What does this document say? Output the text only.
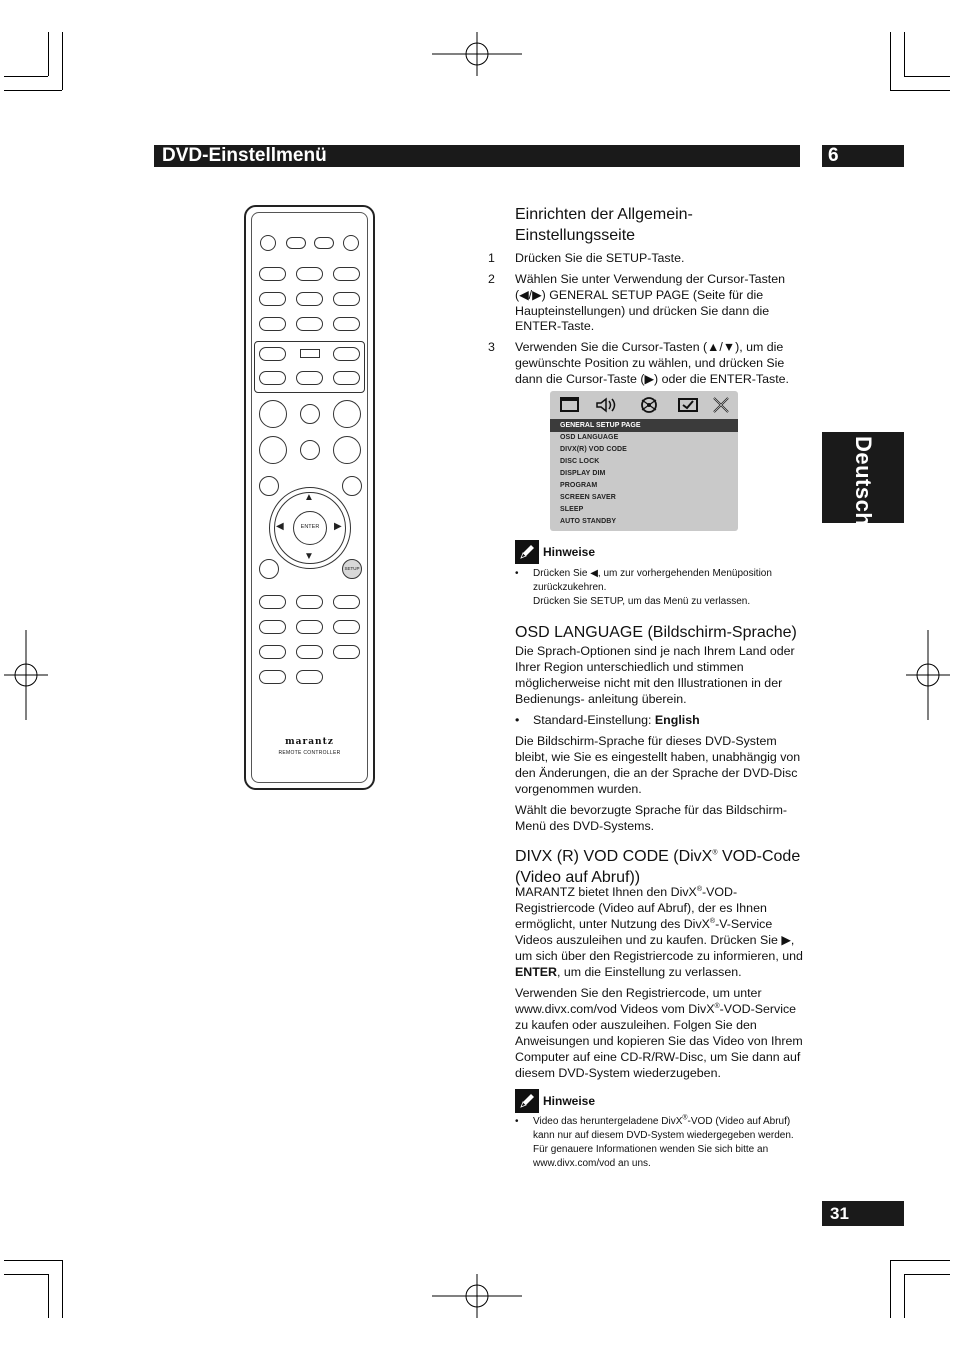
DVD-Einstellmenü	6
Deutsch
▲
▼
◀	▶
ENTER
SETUP
marantz
REMOTE CONTROLLER
Einrichten der Allgemein-Einstellungsseite
1 Drücken Sie die SETUP-Taste.
2 Wählen Sie unter Verwendung der Cursor-Tasten (◀/▶) GENERAL SETUP PAGE (Seite für die Haupteinstellungen) und drücken Sie dann die ENTER-Taste.
3 Verwenden Sie die Cursor-Tasten (▲/▼), um die gewünschte Position zu wählen, und drücken Sie dann die Cursor-Taste (▶) oder die ENTER-Taste.
GENERAL SETUP PAGE
OSD LANGUAGE
DIVX(R) VOD CODE
DISC LOCK
DISPLAY DIM
PROGRAM
SCREEN SAVER
SLEEP
AUTO STANDBY
Hinweise
• Drücken Sie ◀, um zur vorhergehenden Menüposition zurückzukehren.
Drücken Sie SETUP, um das Menü zu verlassen.
OSD LANGUAGE (Bildschirm-Sprache)

Die Sprach-Optionen sind je nach Ihrem Land oder Ihrer Region unterschiedlich und stimmen möglicherweise nicht mit den Illustrationen in der Bedienungs- anleitung überein.

• Standard-Einstellung: English

Die Bildschirm-Sprache für dieses DVD-System bleibt, wie Sie es eingestellt haben, unabhängig von den Änderungen, die an der Sprache der DVD-Disc vorgenommen wurden.

Wählt die bevorzugte Sprache für das Bildschirm-Menü des DVD-Systems.

DIVX (R) VOD CODE (DivX® VOD-Code (Video auf Abruf))

MARANTZ bietet Ihnen den DivX®-VOD-Registriercode (Video auf Abruf), der es Ihnen ermöglicht, unter Nutzung des DivX®-V-Service Videos auszuleihen und zu kaufen. Drücken Sie ▶, um sich über den Registriercode zu informieren, und ENTER, um die Einstellung zu verlassen.

Verwenden Sie den Registriercode, um unter www.divx.com/vod Videos vom DivX®-VOD-Service zu kaufen oder auszuleihen. Folgen Sie den Anweisungen und kopieren Sie das Video von Ihrem Computer auf eine CD-R/RW-Disc, um Sie dann auf diesem DVD-System wiederzugeben.

Hinweise
• Video das heruntergeladene DivX®-VOD (Video auf Abruf) kann nur auf diesem DVD-System wiedergegeben werden. Für genauere Informationen wenden Sie sich bitte an www.divx.com/vod an uns.
31
